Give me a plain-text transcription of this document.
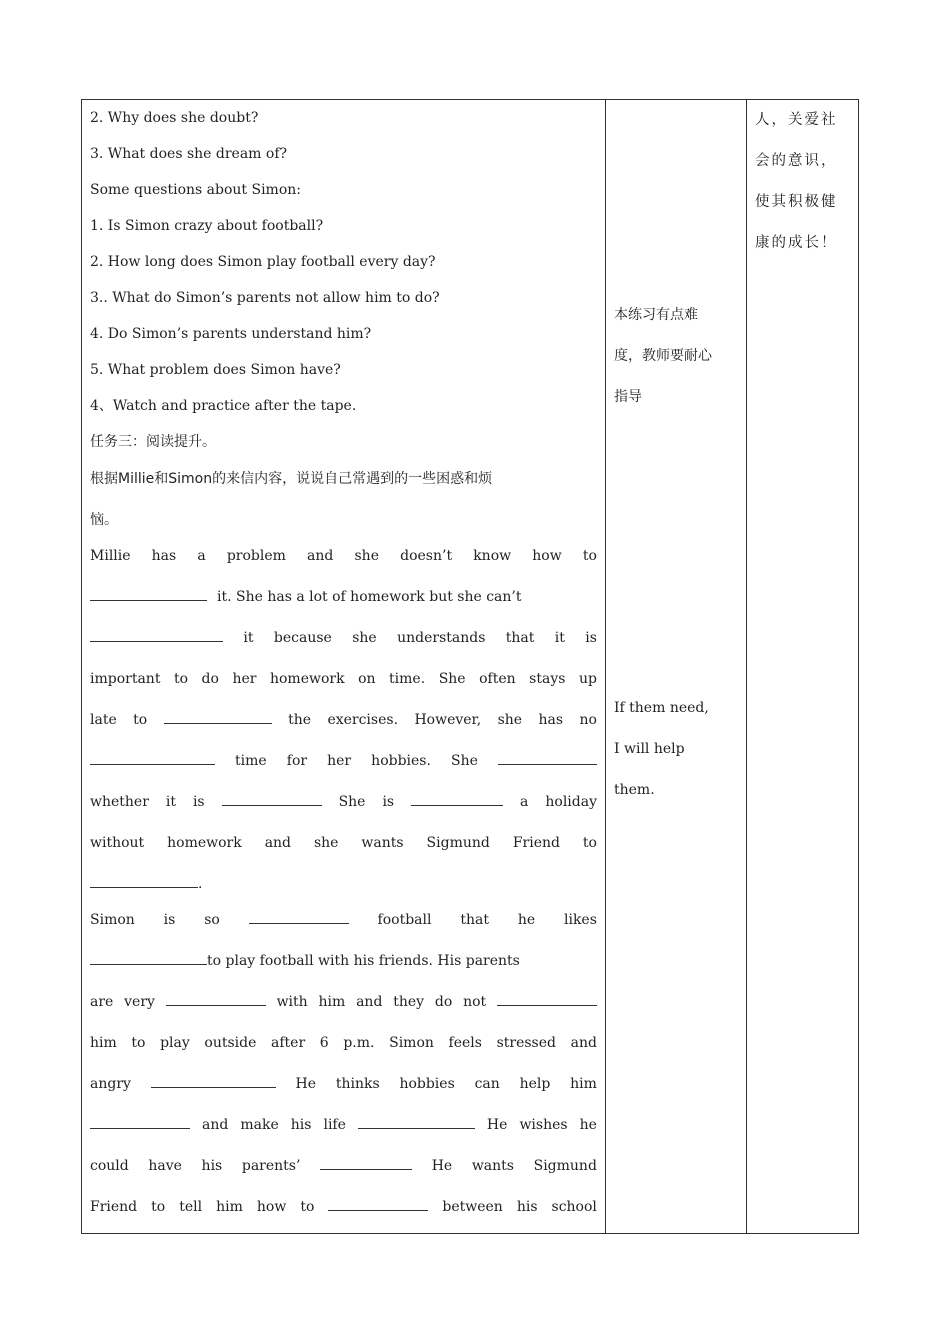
2. Why does she doubt?
3. What does she dream of?
Some questions about Simon:
1. Is Simon crazy about football?
2. How long does Simon play football every day?
3.. What do Simon’s parents not allow him to do?
4. Do Simon’s parents understand him?
5. What problem does Simon have?
4、Watch and practice after the tape.
任务三：阅读提升。
根据Millie和Simon的来信内容，说说自己常遇到的一些困惑和烦
恼。
Millie has a problem and she doesn’t know how to
it. She has a lot of homework but she can’t
it because she understands that it is
important to do her homework on time. She often stays up
late to	the exercises. However, she has no
time for her hobbies. She
whether it is	She is	a holiday
without homework and she wants Sigmund Friend to
.
Simon is so	football that he likes
to play football with his friends. His parents
are very	with him and they do not
him to play outside after 6 p.m. Simon feels stressed and
angry	He thinks hobbies can help him
and make his life	He wishes he
could have his parents’	He wants Sigmund
Friend to tell him how to	between his school

本练习有点难
度，教师要耐心
指导
If them need,
I will help
them.

人，关爱社
会的意识，
使其积极健
康的成长！
